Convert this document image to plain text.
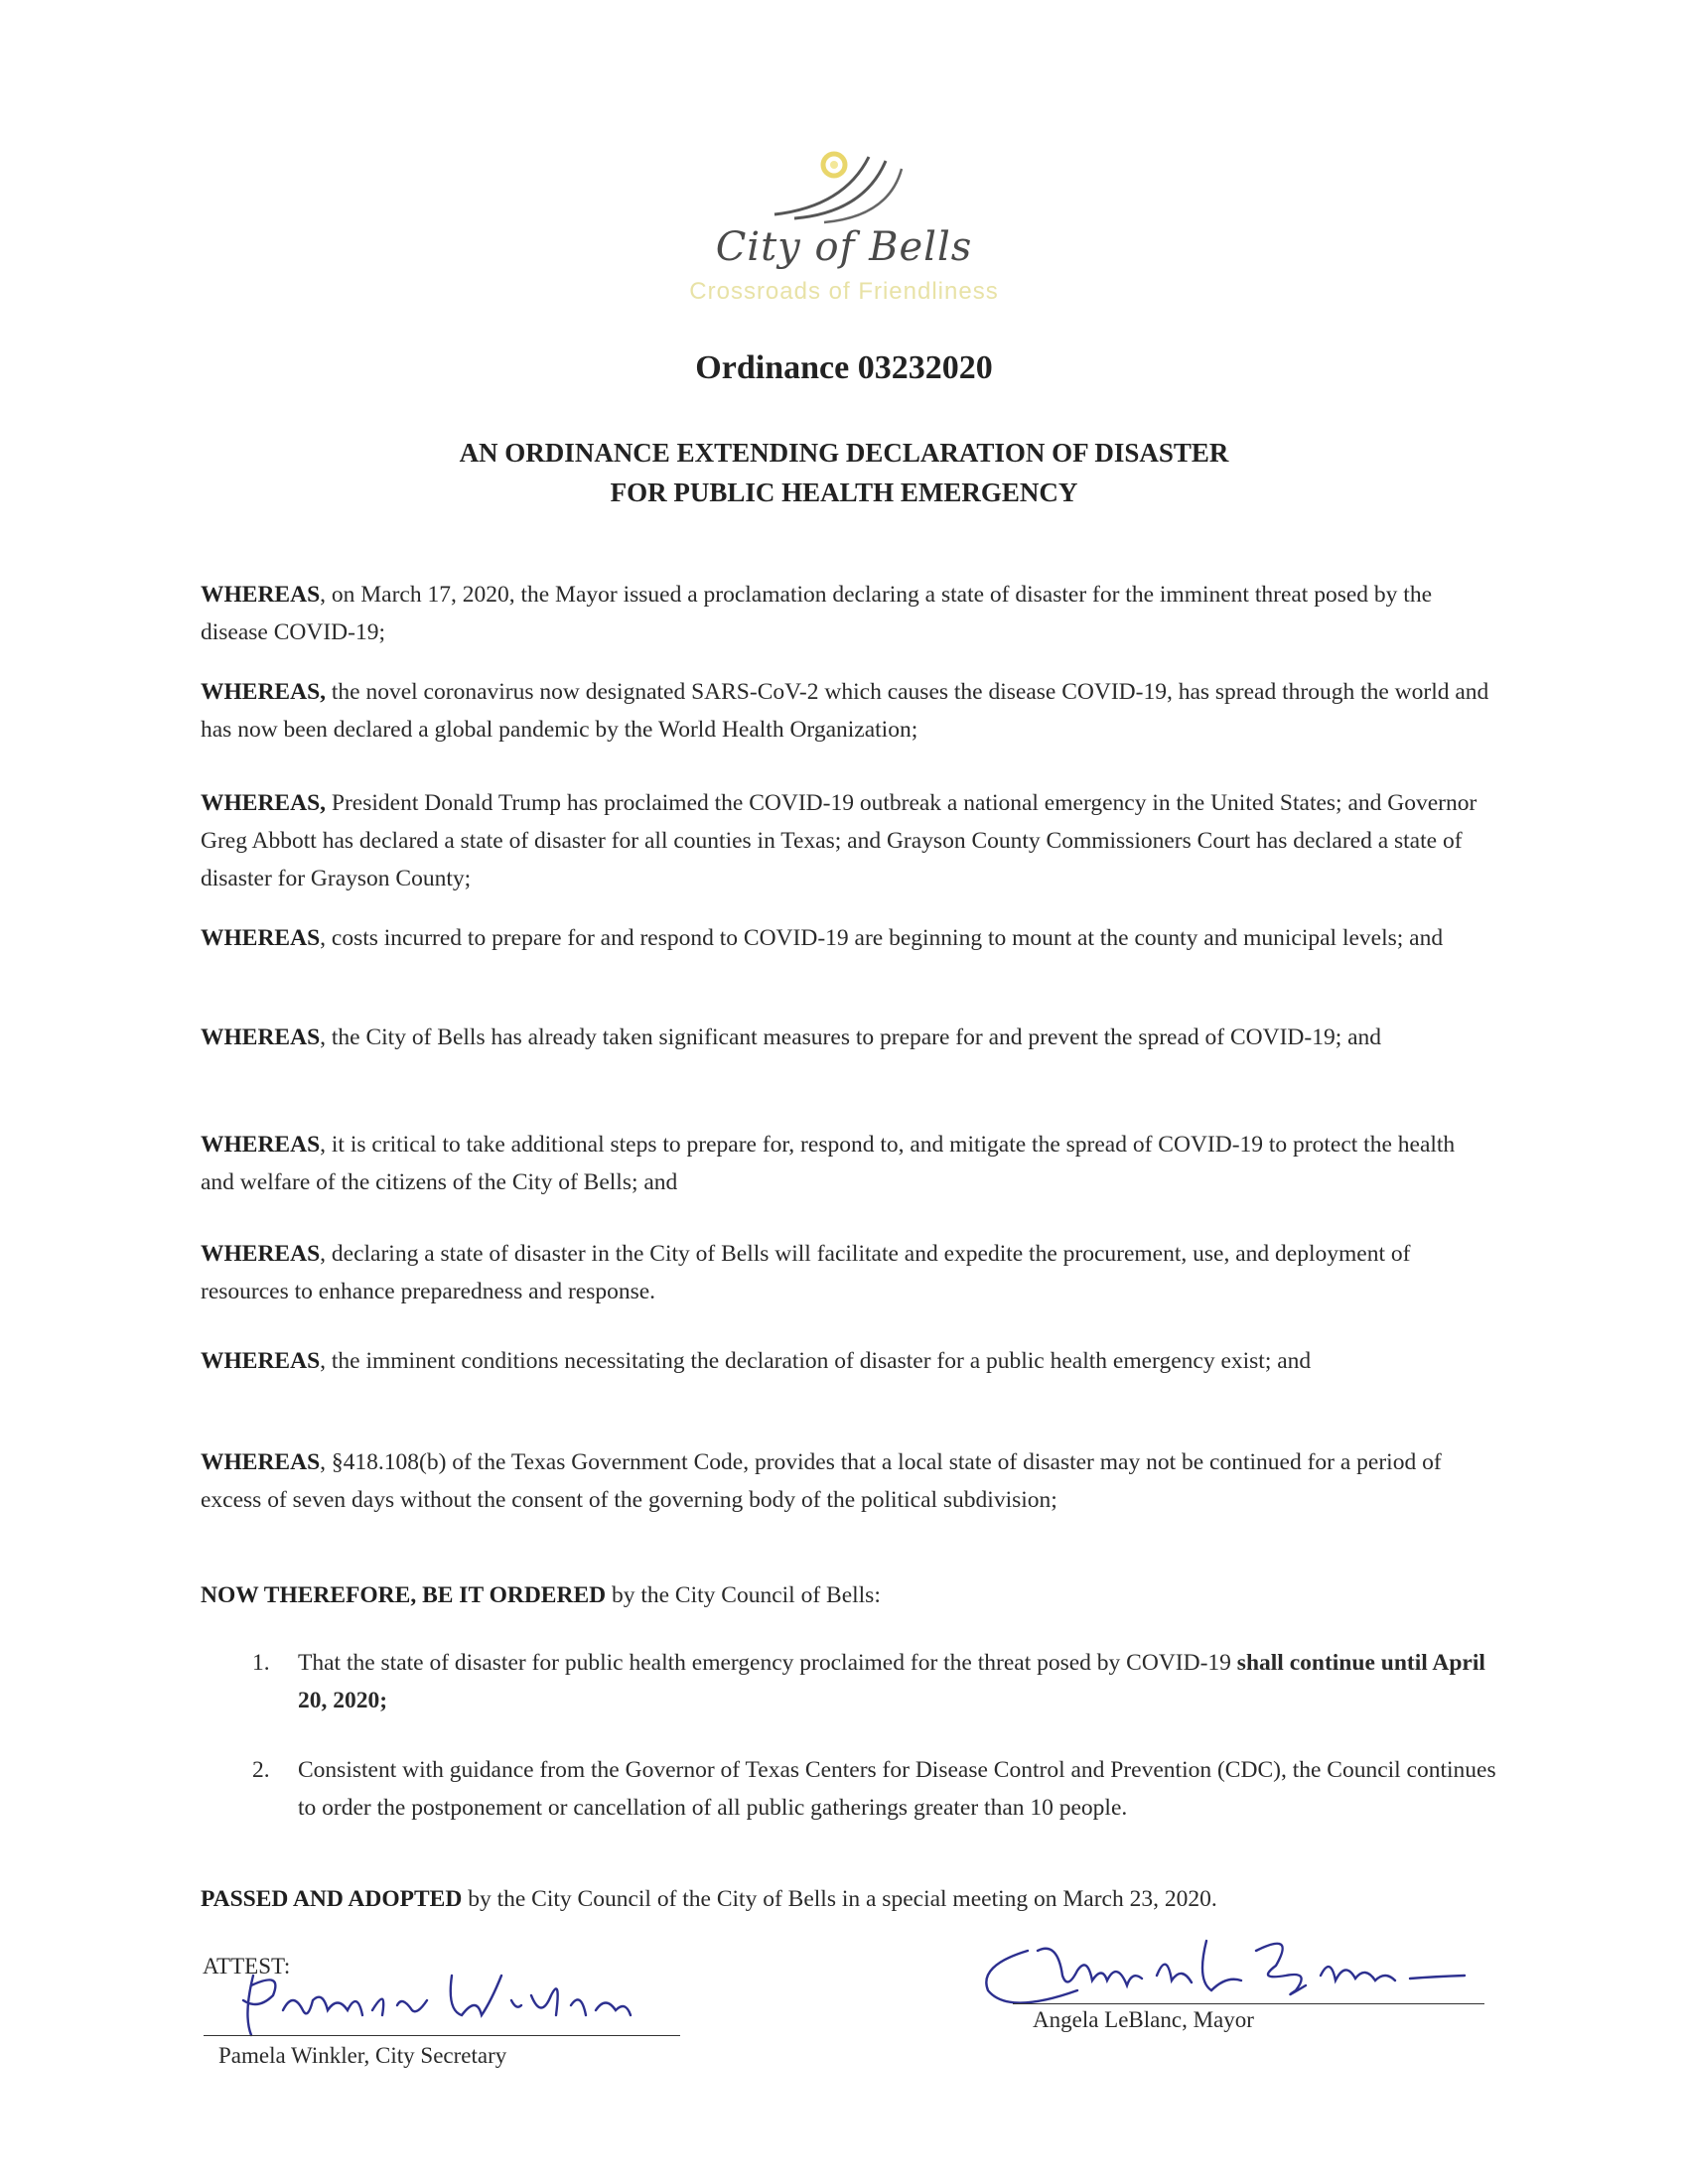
City of Bells
Crossroads of Friendliness
Ordinance 03232020
AN ORDINANCE EXTENDING DECLARATION OF DISASTER
FOR PUBLIC HEALTH EMERGENCY
WHEREAS, on March 17, 2020, the Mayor issued a proclamation declaring a state of disaster for the imminent threat posed by the disease COVID-19;
WHEREAS, the novel coronavirus now designated SARS-CoV-2 which causes the disease COVID-19, has spread through the world and has now been declared a global pandemic by the World Health Organization;
WHEREAS, President Donald Trump has proclaimed the COVID-19 outbreak a national emergency in the United States; and Governor Greg Abbott has declared a state of disaster for all counties in Texas; and Grayson County Commissioners Court has declared a state of disaster for Grayson County;
WHEREAS, costs incurred to prepare for and respond to COVID-19 are beginning to mount at the county and municipal levels; and
WHEREAS, the City of Bells has already taken significant measures to prepare for and prevent the spread of COVID-19; and
WHEREAS, it is critical to take additional steps to prepare for, respond to, and mitigate the spread of COVID-19 to protect the health and welfare of the citizens of the City of Bells; and
WHEREAS, declaring a state of disaster in the City of Bells will facilitate and expedite the procurement, use, and deployment of resources to enhance preparedness and response.
WHEREAS, the imminent conditions necessitating the declaration of disaster for a public health emergency exist; and
WHEREAS, §418.108(b) of the Texas Government Code, provides that a local state of disaster may not be continued for a period of excess of seven days without the consent of the governing body of the political subdivision;
NOW THEREFORE, BE IT ORDERED by the City Council of Bells:
1. That the state of disaster for public health emergency proclaimed for the threat posed by COVID-19 shall continue until April 20, 2020;
2. Consistent with guidance from the Governor of Texas Centers for Disease Control and Prevention (CDC), the Council continues to order the postponement or cancellation of all public gatherings greater than 10 people.
PASSED AND ADOPTED by the City Council of the City of Bells in a special meeting on March 23, 2020.
ATTEST:
Pamela Winkler, City Secretary
Angela LeBlanc, Mayor
